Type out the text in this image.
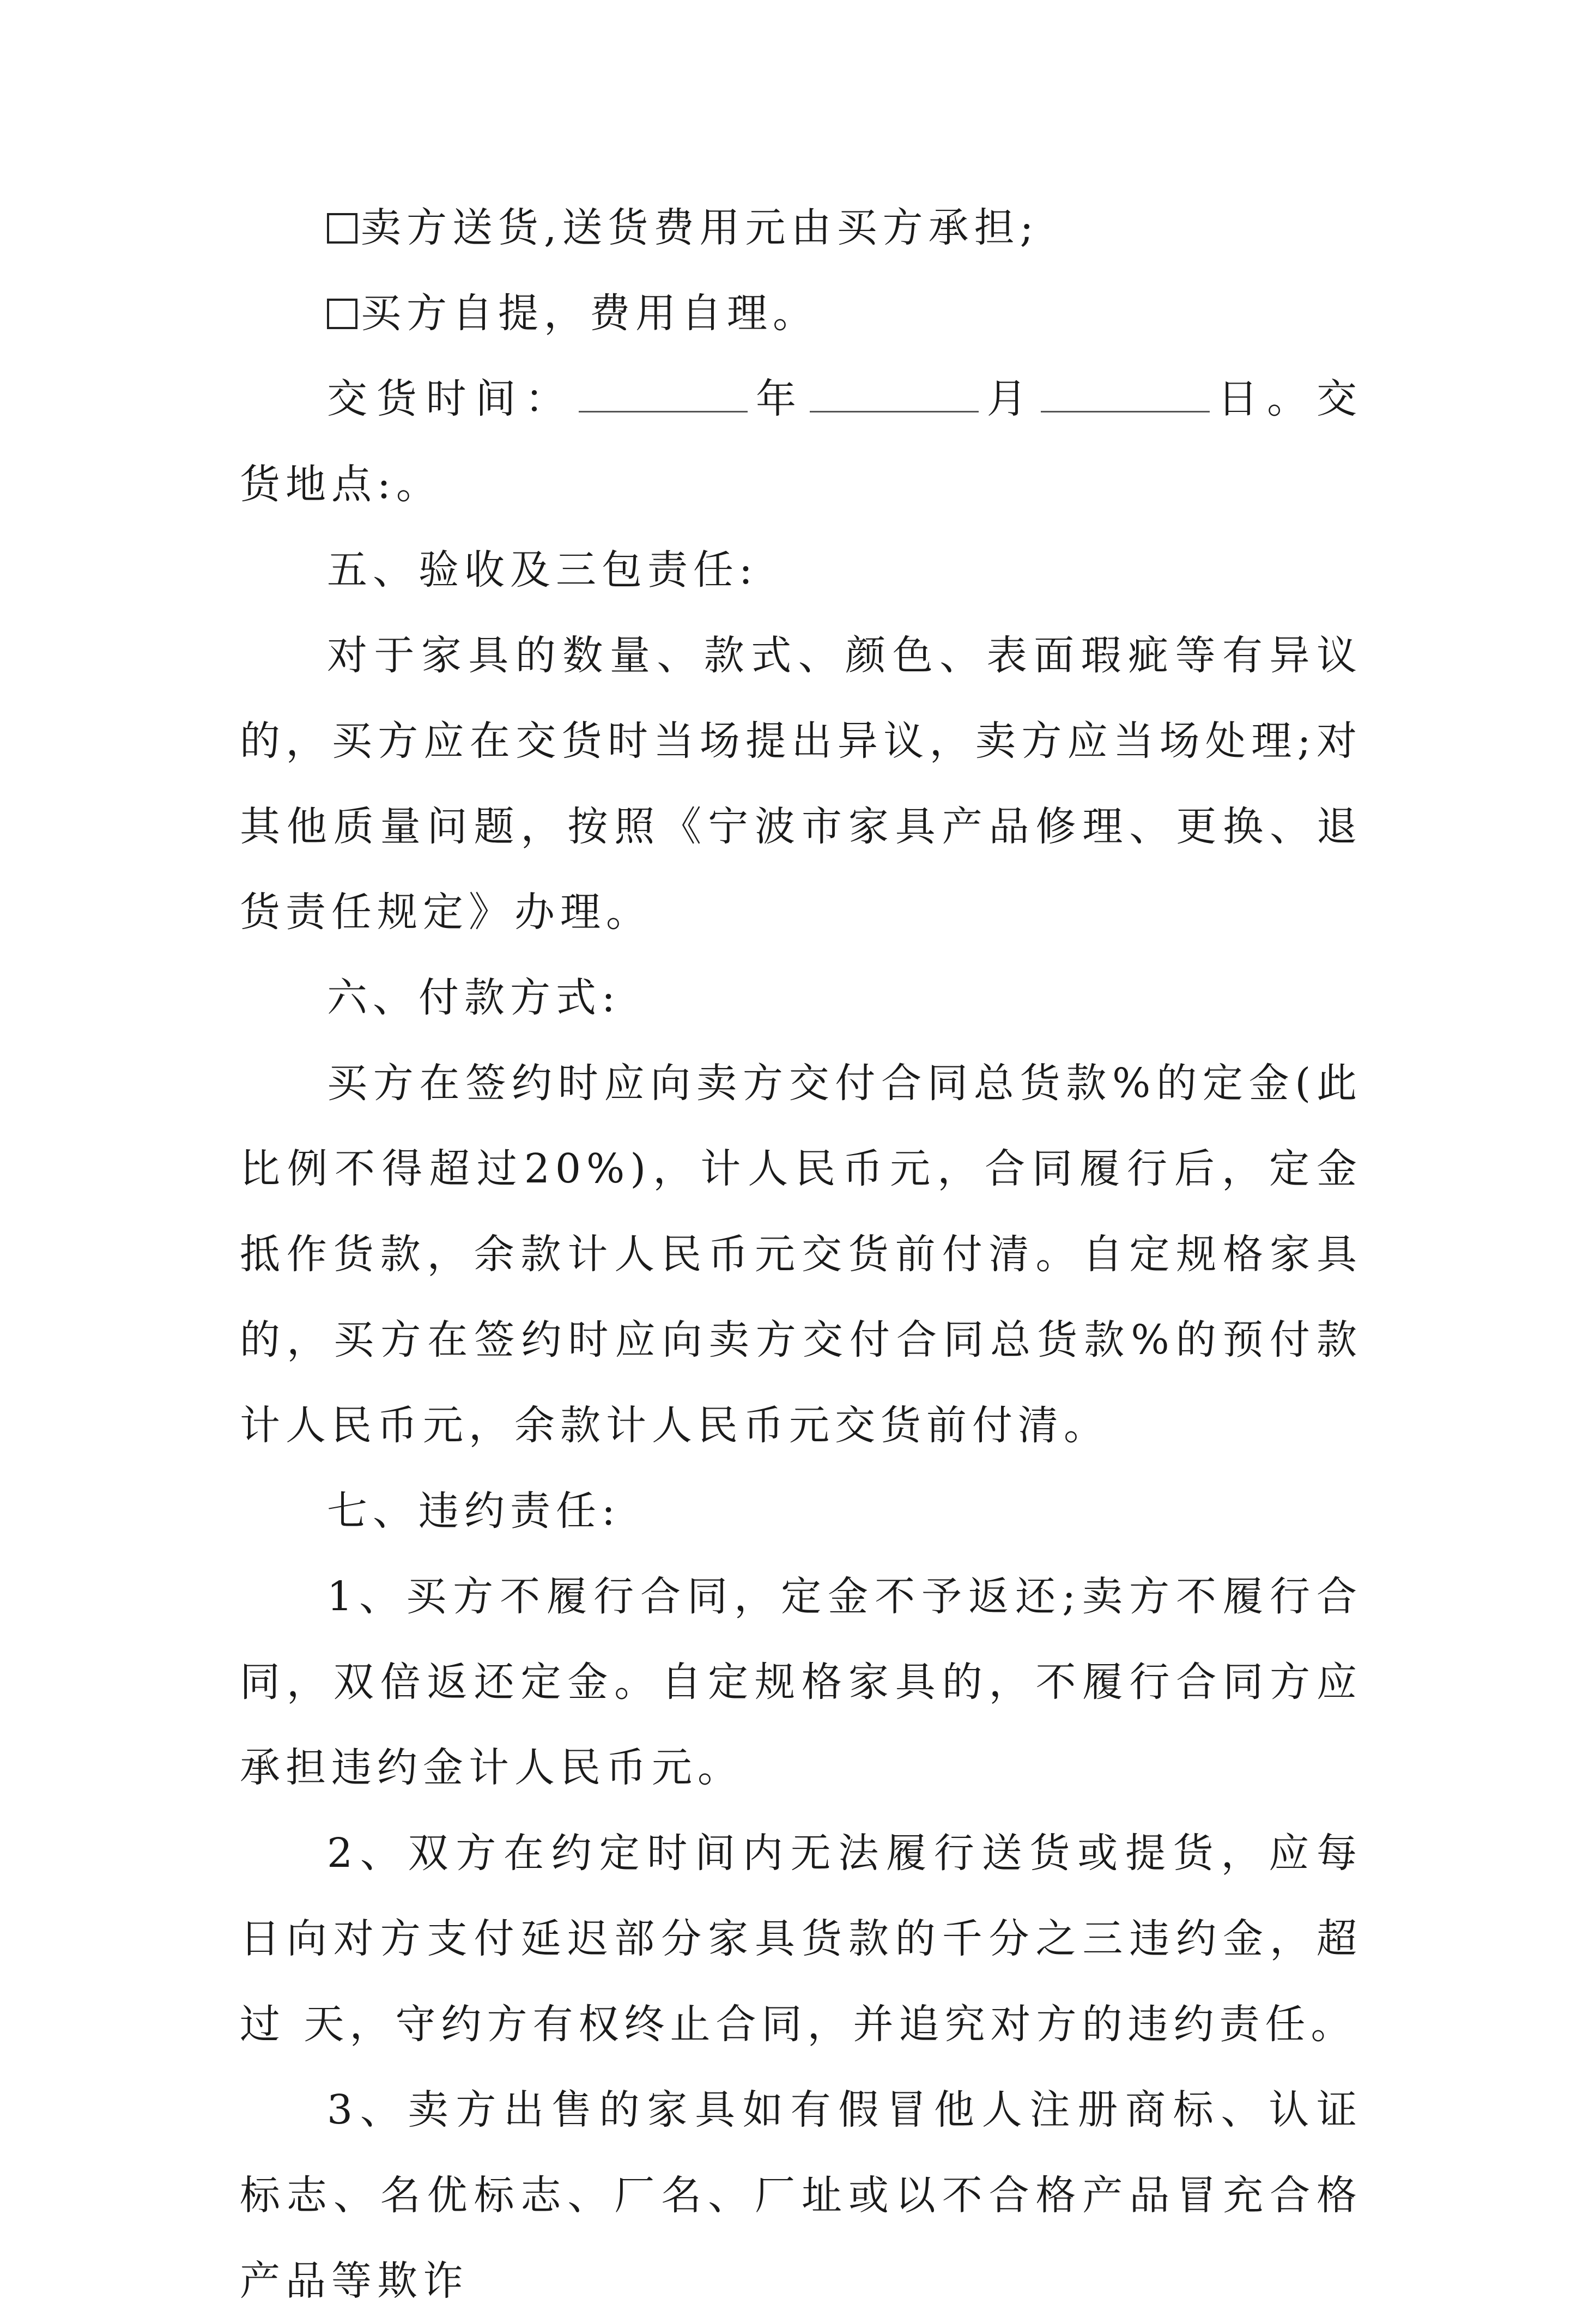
卖方送货,送货费用元由买方承担;

买方自提，费用自理。

交货时间：	年	月	日。交货地点:。

五、验收及三包责任:

对于家具的数量、款式、颜色、表面瑕疵等有异议的，买方应在交货时当场提出异议，卖方应当场处理;对其他质量问题，按照《宁波市家具产品修理、更换、退货责任规定》办理。

六、付款方式:

买方在签约时应向卖方交付合同总货款%的定金(此比例不得超过20%)，计人民币元，合同履行后，定金抵作货款，余款计人民币元交货前付清。自定规格家具的，买方在签约时应向卖方交付合同总货款%的预付款计人民币元，余款计人民币元交货前付清。

七、违约责任:

1、买方不履行合同，定金不予返还;卖方不履行合同，双倍返还定金。自定规格家具的，不履行合同方应承担违约金计人民币元。

2、双方在约定时间内无法履行送货或提货，应每日向对方支付延迟部分家具货款的千分之三违约金，超过 天，守约方有权终止合同，并追究对方的违约责任。

3、卖方出售的家具如有假冒他人注册商标、认证标志、名优标志、厂名、厂址或以不合格产品冒充合格产品等欺诈
